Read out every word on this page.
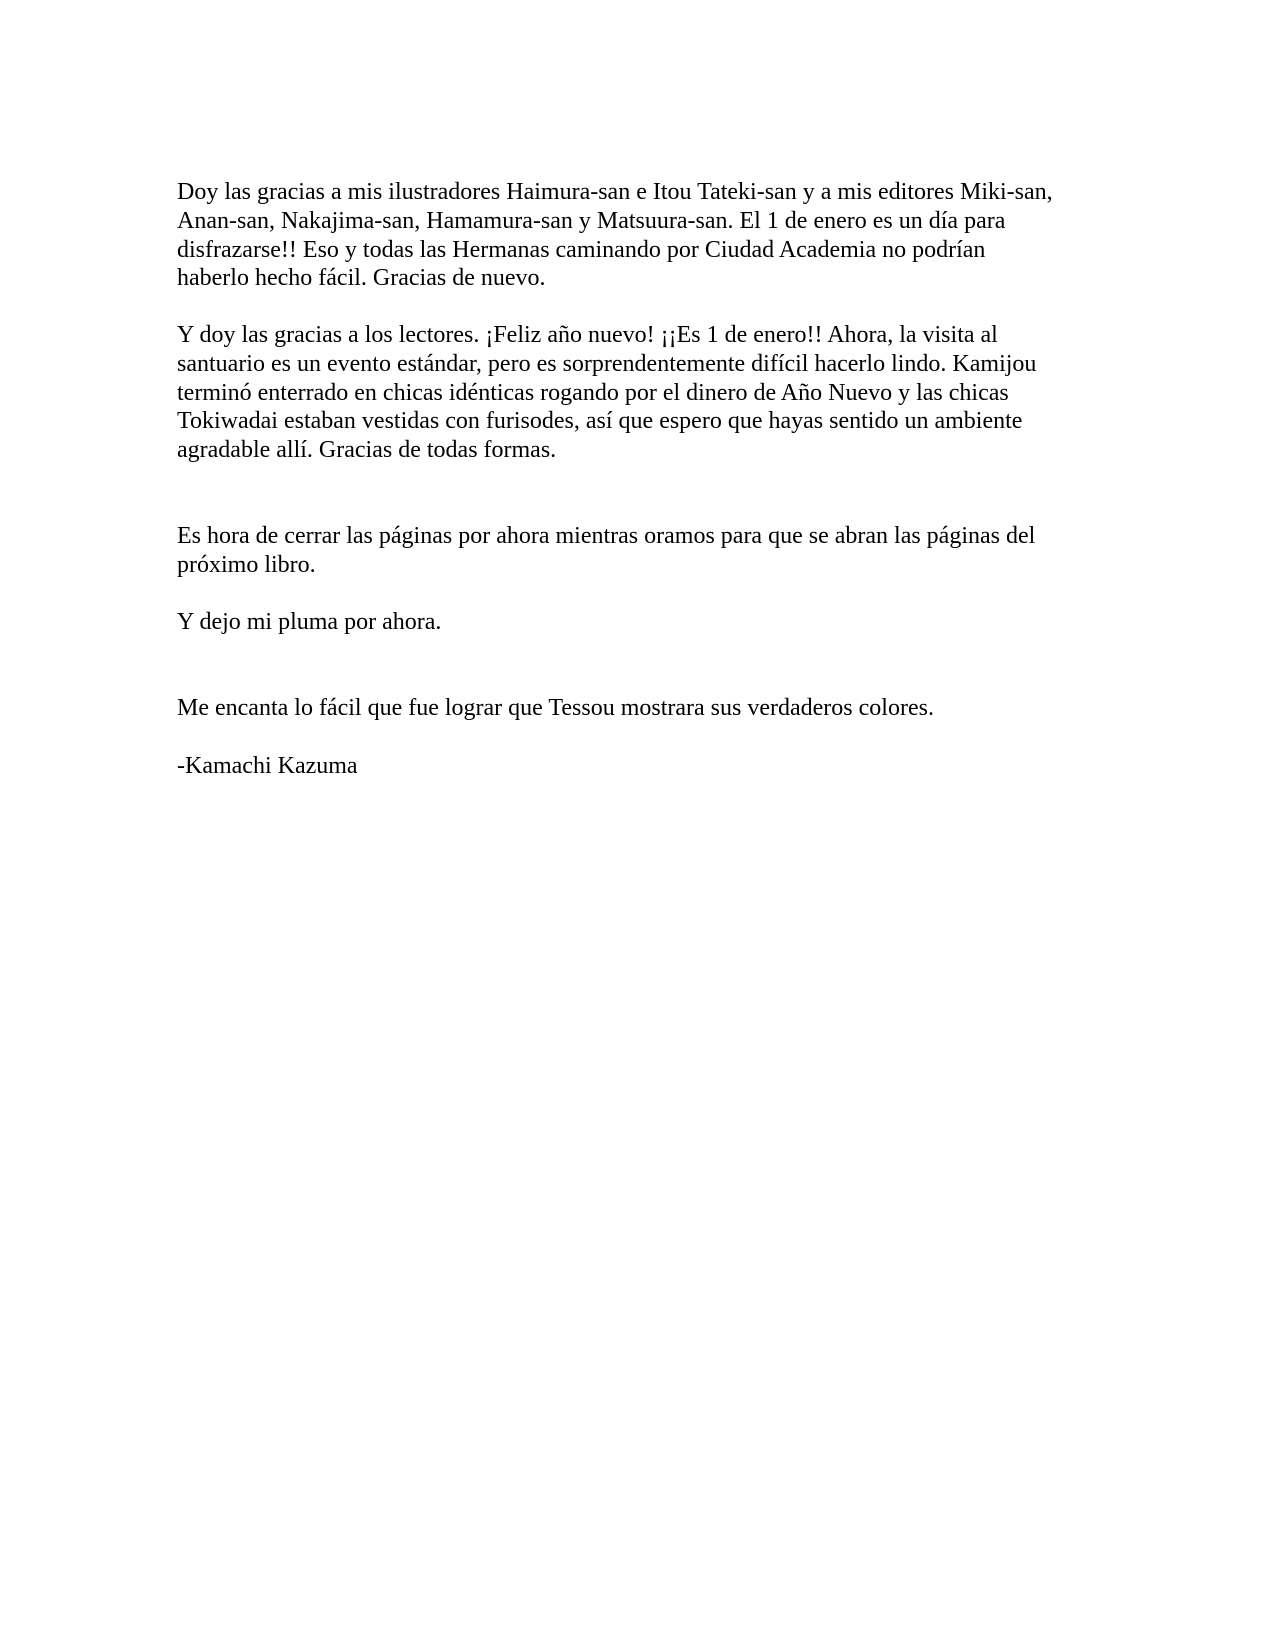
Doy las gracias a mis ilustradores Haimura-san e Itou Tateki-san y a mis editores Miki-san,
Anan-san, Nakajima-san, Hamamura-san y Matsuura-san. El 1 de enero es un día para
disfrazarse!! Eso y todas las Hermanas caminando por Ciudad Academia no podrían
haberlo hecho fácil. Gracias de nuevo.

Y doy las gracias a los lectores. ¡Feliz año nuevo! ¡¡Es 1 de enero!! Ahora, la visita al
santuario es un evento estándar, pero es sorprendentemente difícil hacerlo lindo. Kamijou
terminó enterrado en chicas idénticas rogando por el dinero de Año Nuevo y las chicas
Tokiwadai estaban vestidas con furisodes, así que espero que hayas sentido un ambiente
agradable allí. Gracias de todas formas.

Es hora de cerrar las páginas por ahora mientras oramos para que se abran las páginas del
próximo libro.

Y dejo mi pluma por ahora.

Me encanta lo fácil que fue lograr que Tessou mostrara sus verdaderos colores.

-Kamachi Kazuma
